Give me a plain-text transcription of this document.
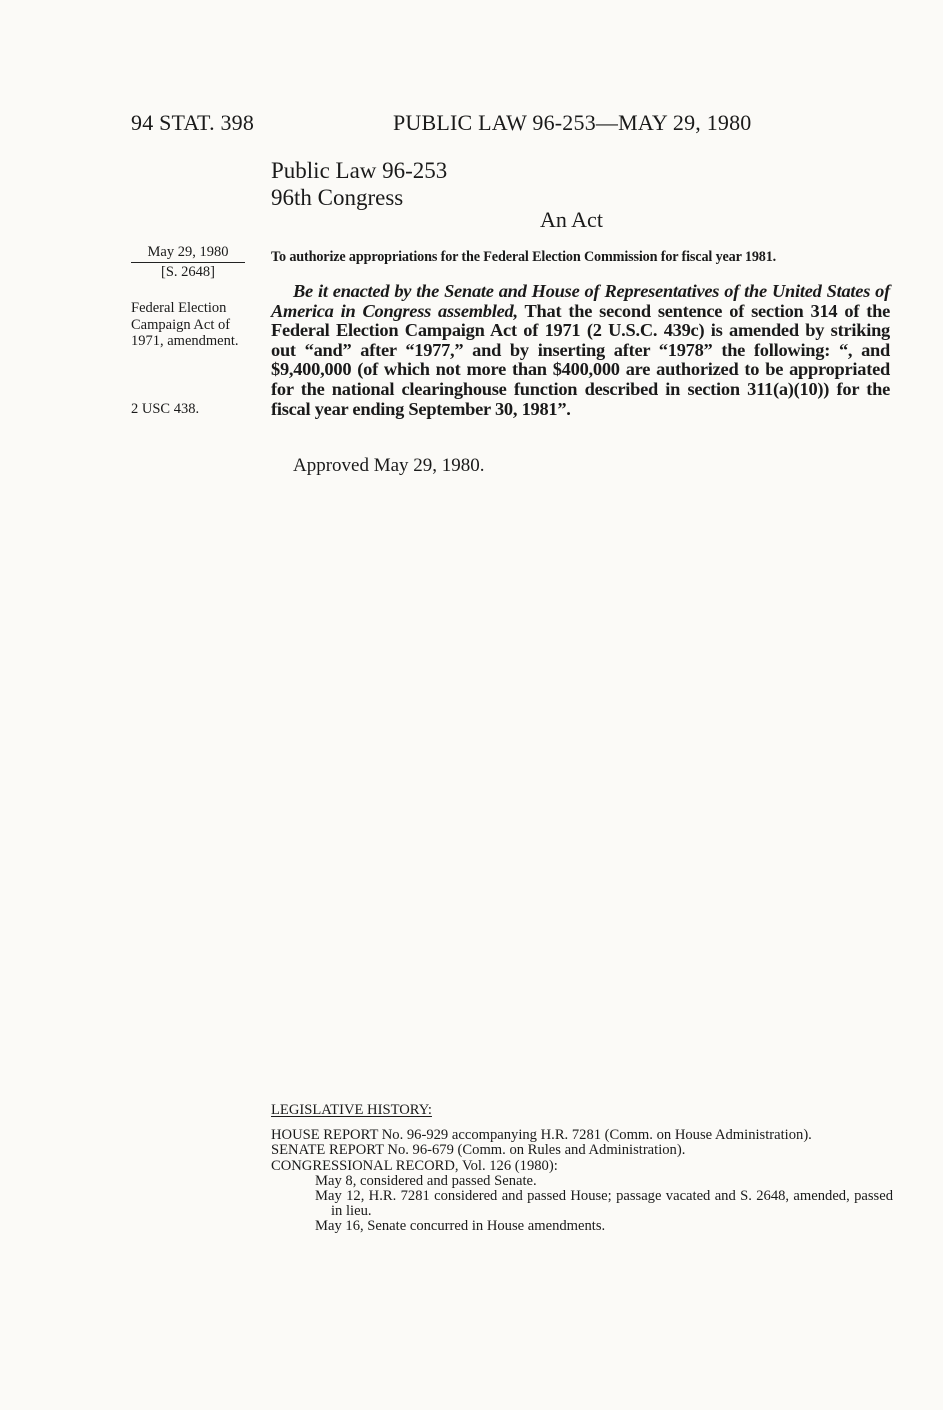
94 STAT. 398	PUBLIC LAW 96-253—MAY 29, 1980
Public Law 96-253
96th Congress
An Act
May 29, 1980
[S. 2648]
Federal Election Campaign Act of 1971, amendment.
2 USC 438.
To authorize appropriations for the Federal Election Commission for fiscal year 1981.
Be it enacted by the Senate and House of Representatives of the United States of America in Congress assembled, That the second sentence of section 314 of the Federal Election Campaign Act of 1971 (2 U.S.C. 439c) is amended by striking out “and” after “1977,” and by inserting after “1978” the following: “, and $9,400,000 (of which not more than $400,000 are authorized to be appropriated for the national clearinghouse function described in section 311(a)(10)) for the fiscal year ending September 30, 1981”.
Approved May 29, 1980.
LEGISLATIVE HISTORY:
HOUSE REPORT No. 96-929 accompanying H.R. 7281 (Comm. on House Administration).
SENATE REPORT No. 96-679 (Comm. on Rules and Administration).
CONGRESSIONAL RECORD, Vol. 126 (1980):
May 8, considered and passed Senate.
May 12, H.R. 7281 considered and passed House; passage vacated and S. 2648, amended, passed in lieu.
May 16, Senate concurred in House amendments.
